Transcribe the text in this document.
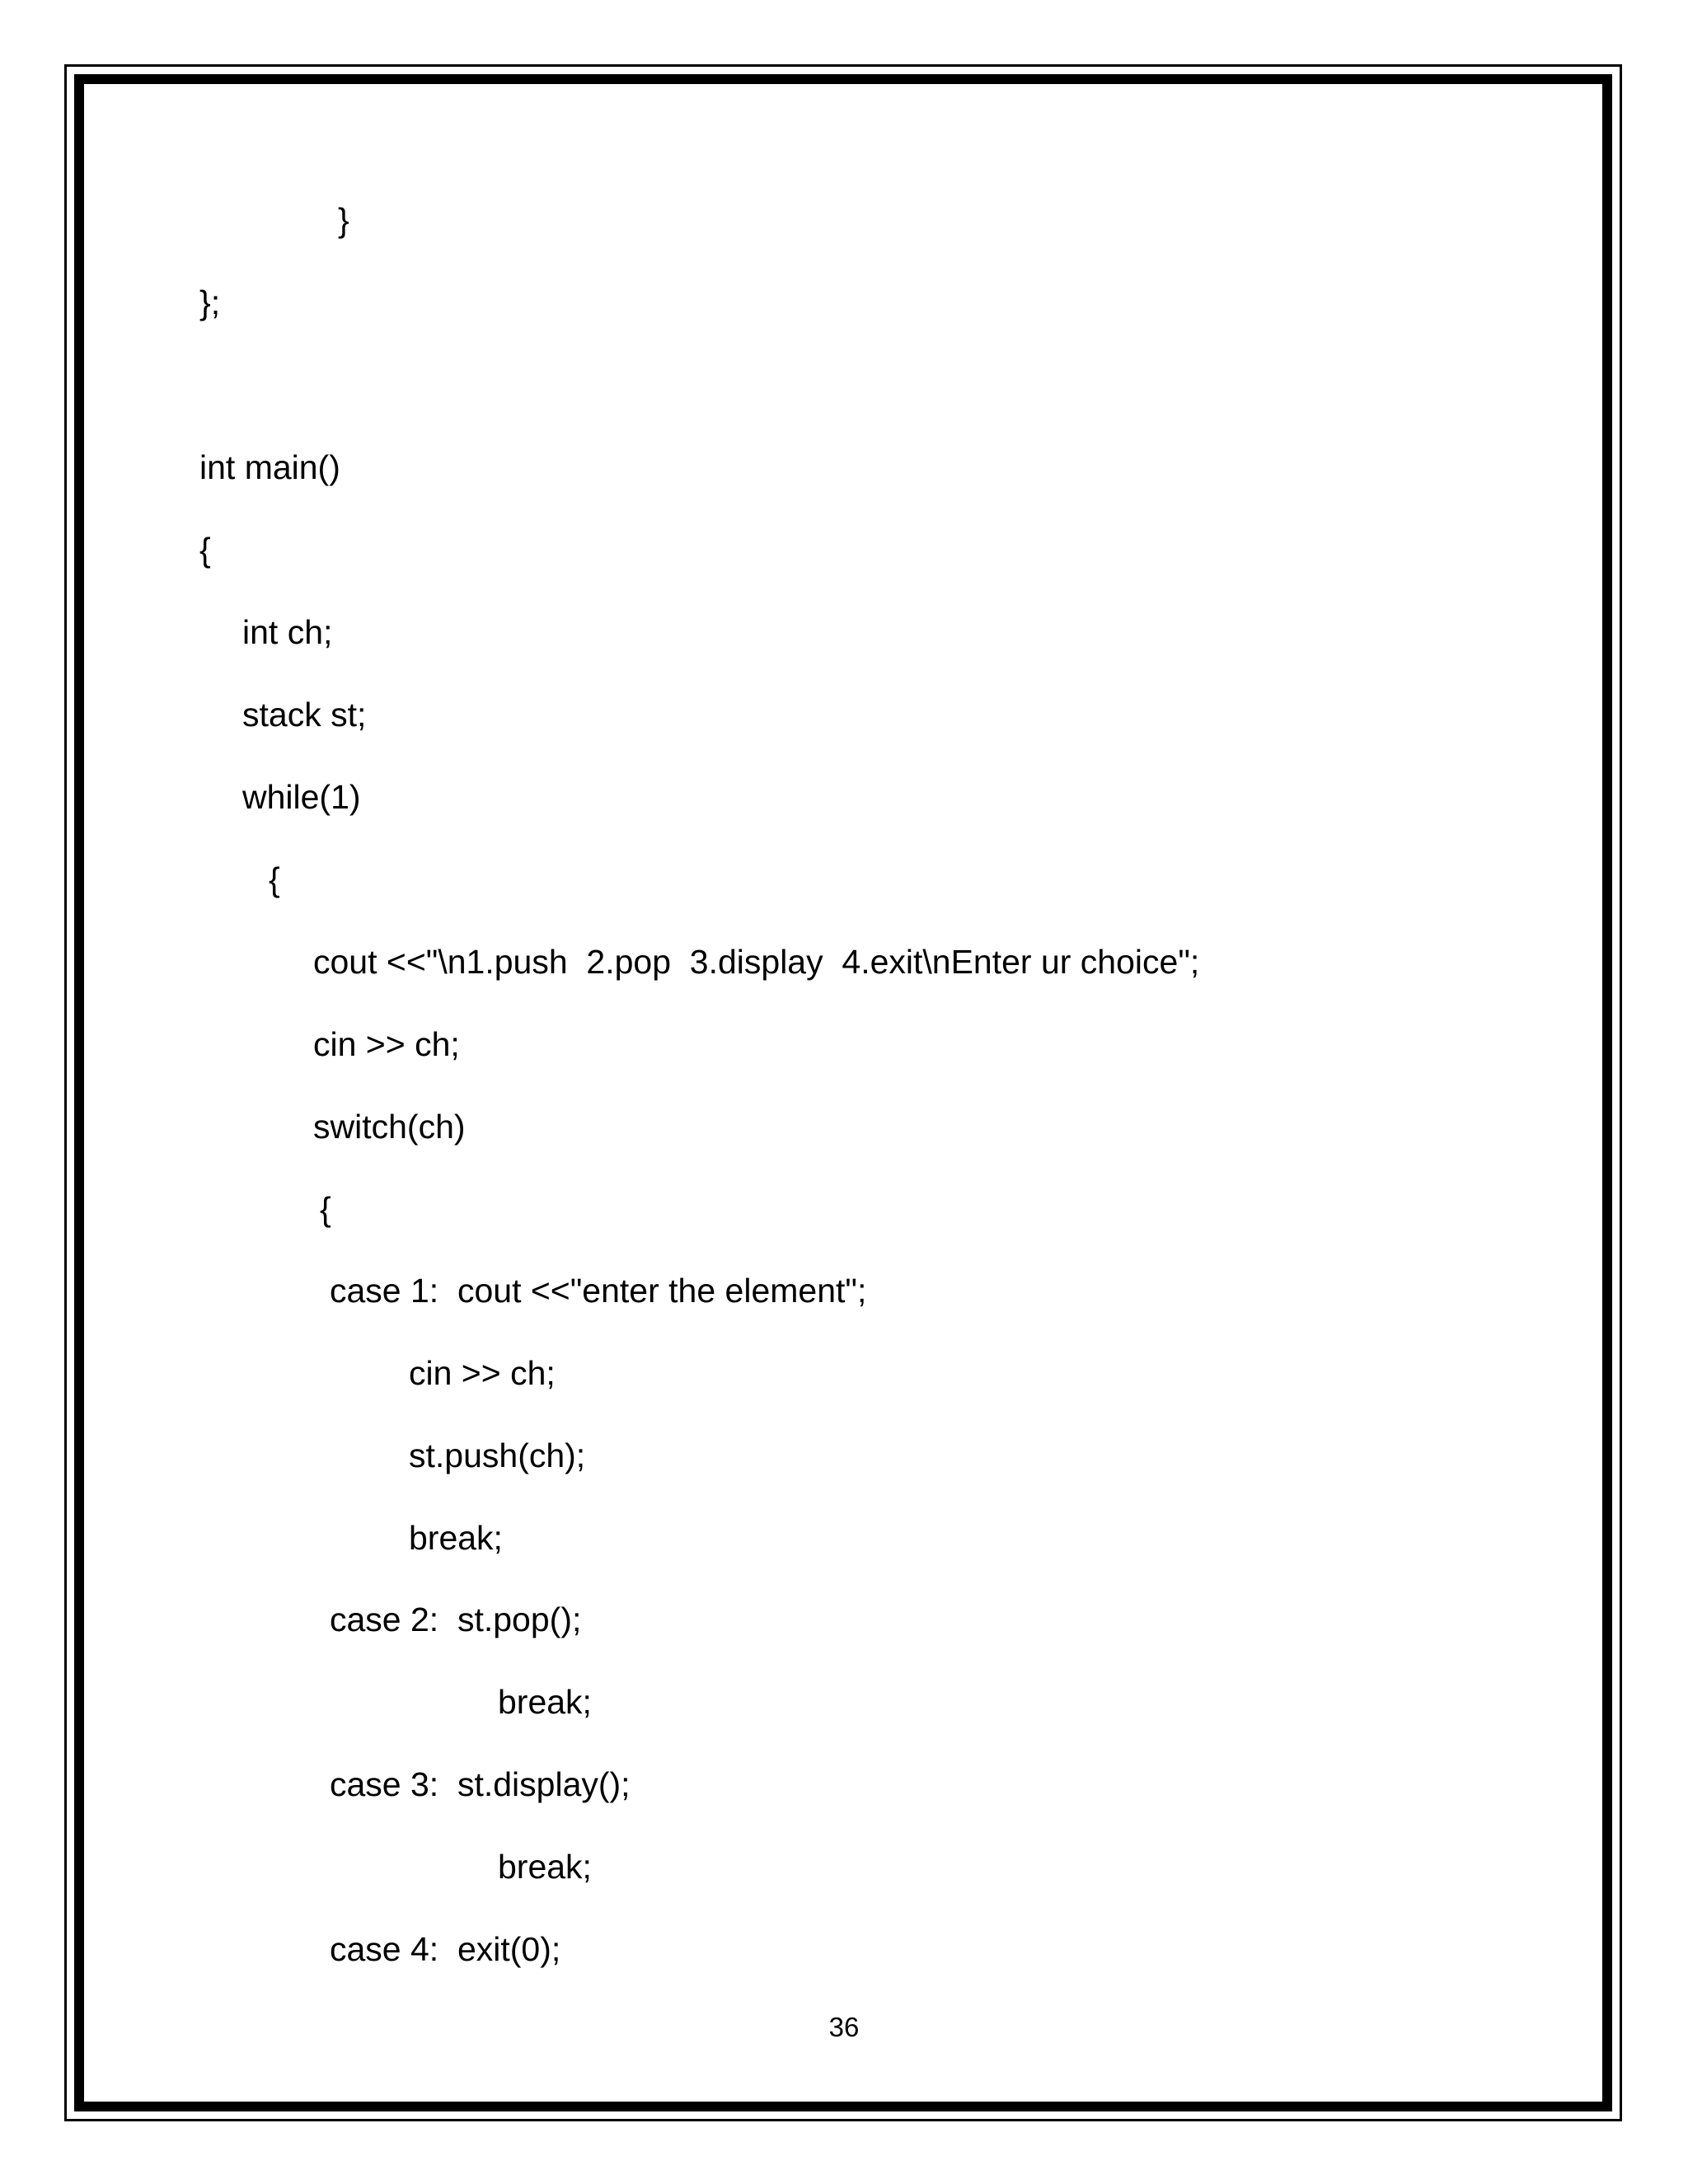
}
};
int main()
{
int ch;
stack st;
while(1)
{
cout <<"\n1.push  2.pop  3.display  4.exit\nEnter ur choice";
cin >> ch;
switch(ch)
{
case 1:  cout <<"enter the element";
cin >> ch;
st.push(ch);
break;
case 2:  st.pop();
break;
case 3:  st.display();
break;
case 4:  exit(0);
36
